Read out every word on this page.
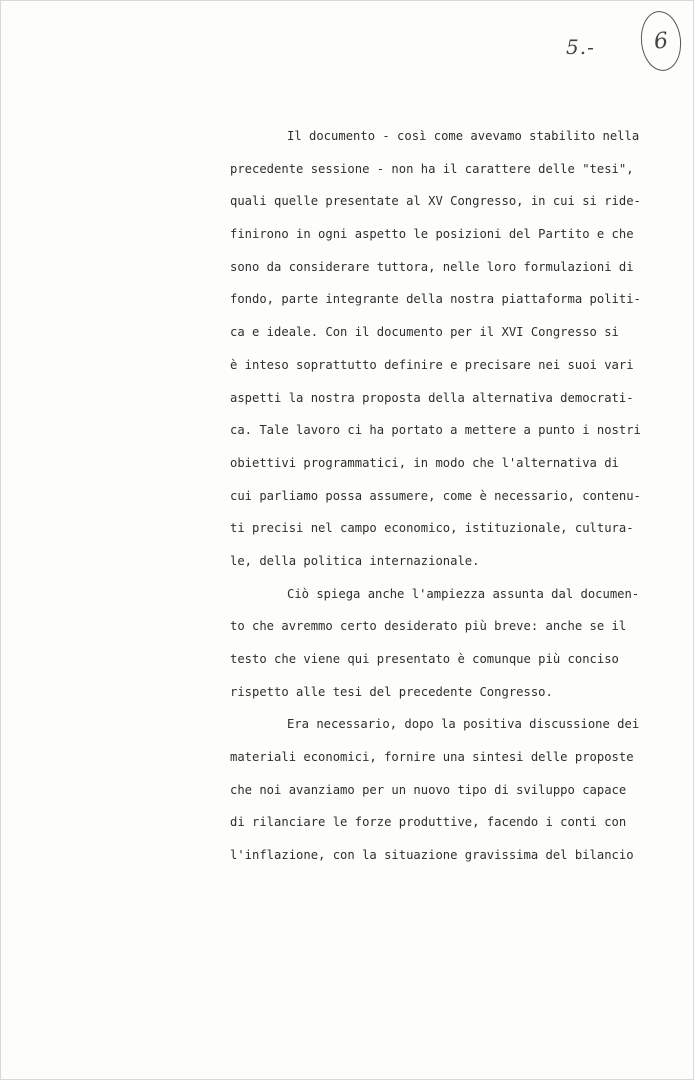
5.-	6
Il documento - così come avevamo stabilito nella
precedente sessione - non ha il carattere delle "tesi",
quali quelle presentate al XV Congresso, in cui si ride-
finirono in ogni aspetto le posizioni del Partito e che
sono da considerare tuttora, nelle loro formulazioni di
fondo, parte integrante della nostra piattaforma politi-
ca e ideale. Con il documento per il XVI Congresso si
è inteso soprattutto definire e precisare nei suoi vari
aspetti la nostra proposta della alternativa democrati-
ca. Tale lavoro ci ha portato a mettere a punto i nostri
obiettivi programmatici, in modo che l'alternativa di
cui parliamo possa assumere, come è necessario, contenu-
ti precisi nel campo economico, istituzionale, cultura-
le, della politica internazionale.
Ciò spiega anche l'ampiezza assunta dal documen-
to che avremmo certo desiderato più breve: anche se il
testo che viene qui presentato è comunque più conciso
rispetto alle tesi del precedente Congresso.
Era necessario, dopo la positiva discussione dei
materiali economici, fornire una sintesi delle proposte
che noi avanziamo per un nuovo tipo di sviluppo capace
di rilanciare le forze produttive, facendo i conti con
l'inflazione, con la situazione gravissima del bilancio
